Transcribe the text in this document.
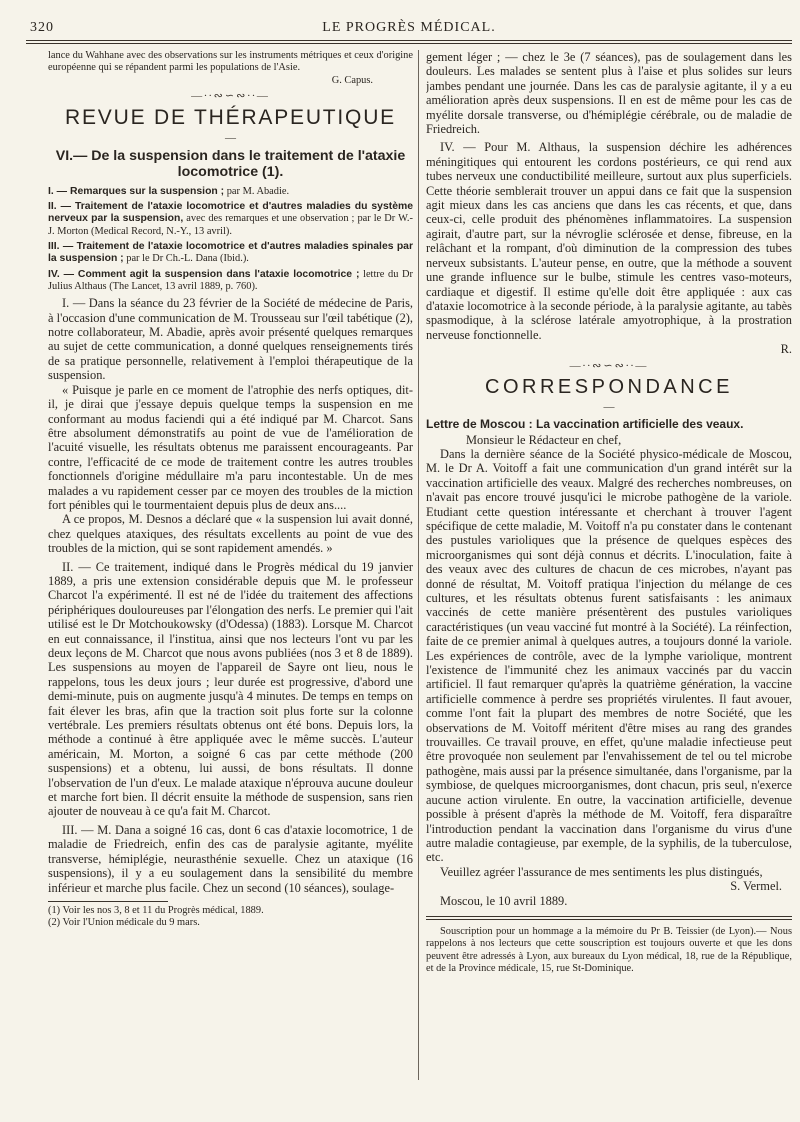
320	LE PROGRÈS MÉDICAL.

lance du Wahhane avec des observations sur les instruments métriques et ceux d'origine européenne qui se répandent parmi les populations de l'Asie.

G. Capus.

—∙∙∾∽∾∙∙—
REVUE DE THÉRAPEUTIQUE
—
VI.— De la suspension dans le traitement de l'ataxie locomotrice (1).

I. — Remarques sur la suspension ; par M. Abadie.

II. — Traitement de l'ataxie locomotrice et d'autres maladies du système nerveux par la suspension, avec des remarques et une observation ; par le Dr W.-J. Morton (Medical Record, N.-Y., 13 avril).

III. — Traitement de l'ataxie locomotrice et d'autres maladies spinales par la suspension ; par le Dr Ch.-L. Dana (Ibid.).

IV. — Comment agit la suspension dans l'ataxie locomotrice ; lettre du Dr Julius Althaus (The Lancet, 13 avril 1889, p. 760).

I. — Dans la séance du 23 février de la Société de médecine de Paris, à l'occasion d'une communication de M. Trousseau sur l'œil tabétique (2), notre collaborateur, M. Abadie, après avoir présenté quelques remarques au sujet de cette communication, a donné quelques renseignements tirés de sa pratique personnelle, relativement à l'emploi thérapeutique de la suspension.

« Puisque je parle en ce moment de l'atrophie des nerfs optiques, dit-il, je dirai que j'essaye depuis quelque temps la suspension en me conformant au modus faciendi qui a été indiqué par M. Charcot. Sans être absolument démonstratifs au point de vue de l'amélioration de l'acuité visuelle, les résultats obtenus me paraissent encourageants. Par contre, l'efficacité de ce mode de traitement contre les autres troubles fonctionnels d'origine médullaire m'a paru incontestable. Un de mes malades a vu rapidement cesser par ce moyen des troubles de la miction fort pénibles qui le tourmentaient depuis plus de deux ans....

A ce propos, M. Desnos a déclaré que « la suspension lui avait donné, chez quelques ataxiques, des résultats excellents au point de vue des troubles de la miction, qui se sont rapidement amendés. »

II. — Ce traitement, indiqué dans le Progrès médical du 19 janvier 1889, a pris une extension considérable depuis que M. le professeur Charcot l'a expérimenté. Il est né de l'idée du traitement des affections périphériques douloureuses par l'élongation des nerfs. Le premier qui l'ait utilisé est le Dr Motchoukowsky (d'Odessa) (1883). Lorsque M. Charcot en eut connaissance, il l'institua, ainsi que nos lecteurs l'ont vu par les deux leçons de M. Charcot que nous avons publiées (nos 3 et 8 de 1889). Les suspensions au moyen de l'appareil de Sayre ont lieu, nous le rappelons, tous les deux jours ; leur durée est progressive, d'abord une demi-minute, puis on augmente jusqu'à 4 minutes. De temps en temps on fait élever les bras, afin que la traction soit plus forte sur la colonne vertébrale. Les premiers résultats obtenus ont été bons. Depuis lors, la méthode a continué à être appliquée avec le même succès. L'auteur américain, M. Morton, a soigné 6 cas par cette méthode (200 suspensions) et a obtenu, lui aussi, de bons résultats. Il donne l'observation de l'un d'eux. Le malade ataxique n'éprouva aucune douleur et marche fort bien. Il décrit ensuite la méthode de suspension, sans rien ajouter de nouveau à ce qu'a fait M. Charcot.

III. — M. Dana a soigné 16 cas, dont 6 cas d'ataxie locomotrice, 1 de maladie de Friedreich, enfin des cas de paralysie agitante, myélite transverse, hémiplégie, neurasthénie sexuelle. Chez un ataxique (16 suspensions), il y a eu soulagement dans la sensibilité du membre inférieur et marche plus facile. Chez un second (10 séances), soulage-

(1) Voir les nos 3, 8 et 11 du Progrès médical, 1889.

(2) Voir l'Union médicale du 9 mars.

gement léger ; — chez le 3e (7 séances), pas de soulagement dans les douleurs. Les malades se sentent plus à l'aise et plus solides sur leurs jambes pendant une journée. Dans les cas de paralysie agitante, il y a eu amélioration après deux suspensions. Il en est de même pour les cas de myélite dorsale transverse, ou d'hémiplégie cérébrale, ou de maladie de Friedreich.

IV. — Pour M. Althaus, la suspension déchire les adhérences méningitiques qui entourent les cordons postérieurs, ce qui rend aux tubes nerveux une conductibilité meilleure, surtout aux plus superficiels. Cette théorie semblerait trouver un appui dans ce fait que la suspension agit mieux dans les cas anciens que dans les cas récents, et que, dans ceux-ci, celle produit des phénomènes inflammatoires. La suspension agirait, d'autre part, sur la névroglie sclérosée et dense, fibreuse, en la relâchant et la rompant, d'où diminution de la compression des tubes nerveux subsistants. L'auteur pense, en outre, que la méthode a souvent une grande influence sur le bulbe, stimule les centres vaso-moteurs, cardiaque et digestif. Il estime qu'elle doit être appliquée : aux cas d'ataxie locomotrice à la seconde période, à la paralysie agitante, au tabès spasmodique, à la sclérose latérale amyotrophique, à la prostration nerveuse fonctionnelle.

R.

—∙∙∾∽∾∙∙—
CORRESPONDANCE
—
Lettre de Moscou : La vaccination artificielle des veaux.

Monsieur le Rédacteur en chef,

Dans la dernière séance de la Société physico-médicale de Moscou, M. le Dr A. Voitoff a fait une communication d'un grand intérêt sur la vaccination artificielle des veaux. Malgré des recherches nombreuses, on n'avait pas encore trouvé jusqu'ici le microbe pathogène de la variole. Etudiant cette question intéressante et cherchant à trouver l'agent spécifique de cette maladie, M. Voitoff n'a pu constater dans le contenant des pustules varioliques que la présence de quelques espèces des microorganismes qui sont déjà connus et décrits. L'inoculation, faite à des veaux avec des cultures de chacun de ces microbes, n'ayant pas donné de résultat, M. Voitoff pratiqua l'injection du mélange de ces cultures, et les résultats obtenus furent satisfaisants : les animaux vaccinés de cette manière présentèrent des pustules varioliques caractéristiques (un veau vacciné fut montré à la Société). La réinfection, faite de ce premier animal à quelques autres, a toujours donné la variole. Les expériences de contrôle, avec de la lymphe variolique, montrent l'existence de l'immunité chez les animaux vaccinés par du vaccin artificiel. Il faut remarquer qu'après la quatrième génération, la vaccine artificielle commence à perdre ses propriétés virulentes. Il faut avouer, comme l'ont fait la plupart des membres de notre Société, que les observations de M. Voitoff méritent d'être mises au rang des grandes trouvailles. Ce travail prouve, en effet, qu'une maladie infectieuse peut être provoquée non seulement par l'envahissement de tel ou tel microbe pathogène, mais aussi par la présence simultanée, dans l'organisme, par la symbiose, de quelques microorganismes, dont chacun, pris seul, n'exerce aucune action virulente. En outre, la vaccination artificielle, devenue possible à présent d'après la méthode de M. Voitoff, fera disparaître l'introduction pendant la vaccination dans l'organisme du virus d'une autre maladie contagieuse, par exemple, de la syphilis, de la tuberculose, etc.

Veuillez agréer l'assurance de mes sentiments les plus distingués,

S. Vermel.

Moscou, le 10 avril 1889.

Souscription pour un hommage a la mémoire du Pr B. Teissier (de Lyon).— Nous rappelons à nos lecteurs que cette souscription est toujours ouverte et que les dons peuvent être adressés à Lyon, aux bureaux du Lyon médical, 18, rue de la République, et de la Province médicale, 15, rue St-Dominique.
